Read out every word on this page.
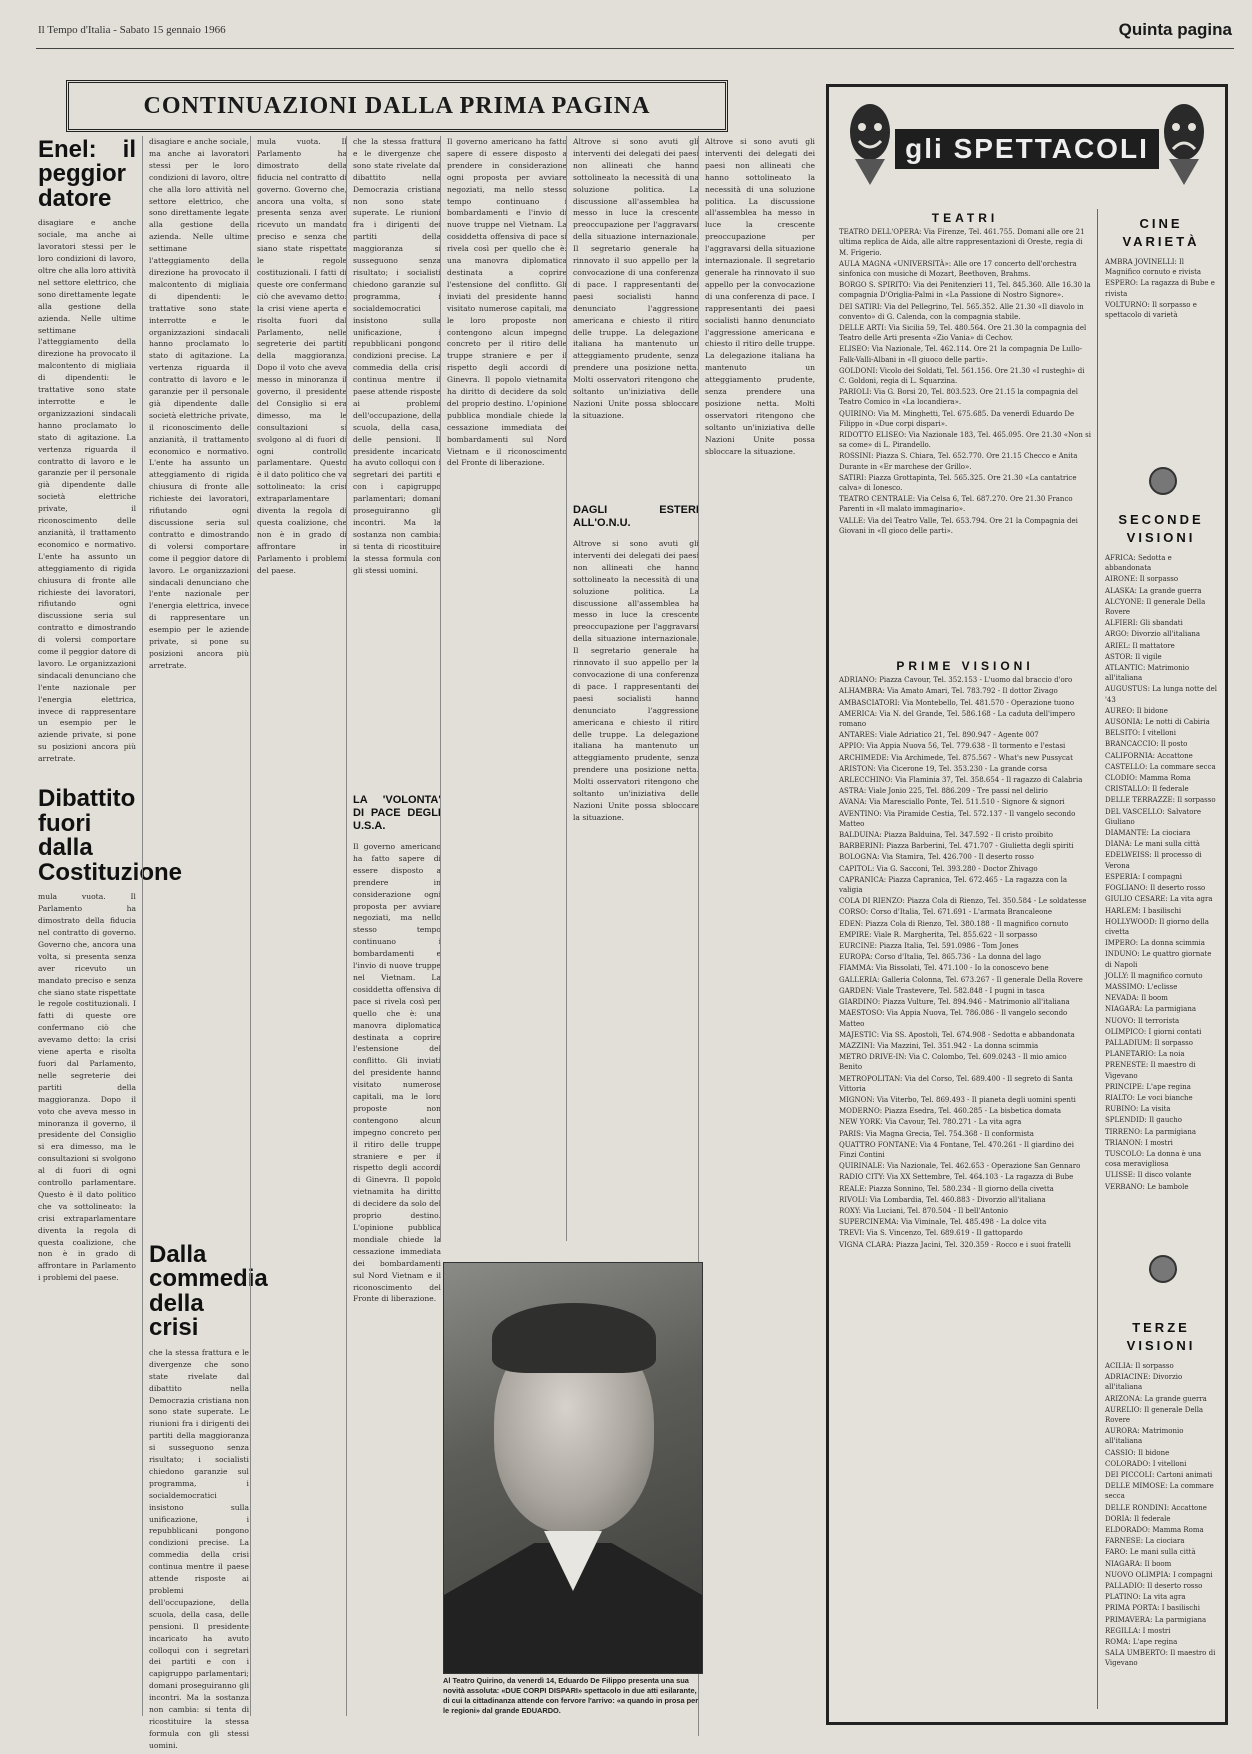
Il Tempo d'Italia - Sabato 15 gennaio 1966	Quinta pagina
CONTINUAZIONI DALLA PRIMA PAGINA
Enel: il peggior datore
disagiare e anche sociale, ma anche ai lavoratori stessi per le loro condizioni di lavoro, oltre che alla loro attività nel settore elettrico, che sono direttamente legate alla gestione della azienda. Nelle ultime settimane l'atteggiamento della direzione ha provocato il malcontento di migliaia di dipendenti: le trattative sono state interrotte e le organizzazioni sindacali hanno proclamato lo stato di agitazione. La vertenza riguarda il contratto di lavoro e le garanzie per il personale già dipendente dalle società elettriche private, il riconoscimento delle anzianità, il trattamento economico e normativo. L'ente ha assunto un atteggiamento di rigida chiusura di fronte alle richieste dei lavoratori, rifiutando ogni discussione seria sul contratto e dimostrando di volersi comportare come il peggior datore di lavoro. Le organizzazioni sindacali denunciano che l'ente nazionale per l'energia elettrica, invece di rappresentare un esempio per le aziende private, si pone su posizioni ancora più arretrate.
Dibattito fuori dalla Costituzione
mula vuota. Il Parlamento ha dimostrato della fiducia nel contratto di governo. Governo che, ancora una volta, si presenta senza aver ricevuto un mandato preciso e senza che siano state rispettate le regole costituzionali. I fatti di queste ore confermano ciò che avevamo detto: la crisi viene aperta e risolta fuori dal Parlamento, nelle segreterie dei partiti della maggioranza. Dopo il voto che aveva messo in minoranza il governo, il presidente del Consiglio si era dimesso, ma le consultazioni si svolgono al di fuori di ogni controllo parlamentare. Questo è il dato politico che va sottolineato: la crisi extraparlamentare diventa la regola di questa coalizione, che non è in grado di affrontare in Parlamento i problemi del paese.
disagiare e anche sociale, ma anche ai lavoratori stessi per le loro condizioni di lavoro, oltre che alla loro attività nel settore elettrico, che sono direttamente legate alla gestione della azienda. Nelle ultime settimane l'atteggiamento della direzione ha provocato il malcontento di migliaia di dipendenti: le trattative sono state interrotte e le organizzazioni sindacali hanno proclamato lo stato di agitazione. La vertenza riguarda il contratto di lavoro e le garanzie per il personale già dipendente dalle società elettriche private, il riconoscimento delle anzianità, il trattamento economico e normativo. L'ente ha assunto un atteggiamento di rigida chiusura di fronte alle richieste dei lavoratori, rifiutando ogni discussione seria sul contratto e dimostrando di volersi comportare come il peggior datore di lavoro. Le organizzazioni sindacali denunciano che l'ente nazionale per l'energia elettrica, invece di rappresentare un esempio per le aziende private, si pone su posizioni ancora più arretrate.
Dalla commedia della crisi
che la stessa frattura e le divergenze che sono state rivelate dal dibattito nella Democrazia cristiana non sono state superate. Le riunioni fra i dirigenti dei partiti della maggioranza si susseguono senza risultato; i socialisti chiedono garanzie sul programma, i socialdemocratici insistono sulla unificazione, i repubblicani pongono condizioni precise. La commedia della crisi continua mentre il paese attende risposte ai problemi dell'occupazione, della scuola, della casa, delle pensioni. Il presidente incaricato ha avuto colloqui con i segretari dei partiti e con i capigruppo parlamentari; domani proseguiranno gli incontri. Ma la sostanza non cambia: si tenta di ricostituire la stessa formula con gli stessi uomini.
mula vuota. Il Parlamento ha dimostrato della fiducia nel contratto di governo. Governo che, ancora una volta, si presenta senza aver ricevuto un mandato preciso e senza che siano state rispettate le regole costituzionali. I fatti di queste ore confermano ciò che avevamo detto: la crisi viene aperta e risolta fuori dal Parlamento, nelle segreterie dei partiti della maggioranza. Dopo il voto che aveva messo in minoranza il governo, il presidente del Consiglio si era dimesso, ma le consultazioni si svolgono al di fuori di ogni controllo parlamentare. Questo è il dato politico che va sottolineato: la crisi extraparlamentare diventa la regola di questa coalizione, che non è in grado di affrontare in Parlamento i problemi del paese.
che la stessa frattura e le divergenze che sono state rivelate dal dibattito nella Democrazia cristiana non sono state superate. Le riunioni fra i dirigenti dei partiti della maggioranza si susseguono senza risultato; i socialisti chiedono garanzie sul programma, i socialdemocratici insistono sulla unificazione, i repubblicani pongono condizioni precise. La commedia della crisi continua mentre il paese attende risposte ai problemi dell'occupazione, della scuola, della casa, delle pensioni. Il presidente incaricato ha avuto colloqui con i segretari dei partiti e con i capigruppo parlamentari; domani proseguiranno gli incontri. Ma la sostanza non cambia: si tenta di ricostituire la stessa formula con gli stessi uomini.
LA 'VOLONTA' DI PACE DEGLI U.S.A.
Il governo americano ha fatto sapere di essere disposto a prendere in considerazione ogni proposta per avviare negoziati, ma nello stesso tempo continuano i bombardamenti e l'invio di nuove truppe nel Vietnam. La cosiddetta offensiva di pace si rivela così per quello che è: una manovra diplomatica destinata a coprire l'estensione del conflitto. Gli inviati del presidente hanno visitato numerose capitali, ma le loro proposte non contengono alcun impegno concreto per il ritiro delle truppe straniere e per il rispetto degli accordi di Ginevra. Il popolo vietnamita ha diritto di decidere da solo del proprio destino. L'opinione pubblica mondiale chiede la cessazione immediata dei bombardamenti sul Nord Vietnam e il riconoscimento del Fronte di liberazione.
Il governo americano ha fatto sapere di essere disposto a prendere in considerazione ogni proposta per avviare negoziati, ma nello stesso tempo continuano i bombardamenti e l'invio di nuove truppe nel Vietnam. La cosiddetta offensiva di pace si rivela così per quello che è: una manovra diplomatica destinata a coprire l'estensione del conflitto. Gli inviati del presidente hanno visitato numerose capitali, ma le loro proposte non contengono alcun impegno concreto per il ritiro delle truppe straniere e per il rispetto degli accordi di Ginevra. Il popolo vietnamita ha diritto di decidere da solo del proprio destino. L'opinione pubblica mondiale chiede la cessazione immediata dei bombardamenti sul Nord Vietnam e il riconoscimento del Fronte di liberazione.
Altrove si sono avuti gli interventi dei delegati dei paesi non allineati che hanno sottolineato la necessità di una soluzione politica. La discussione all'assemblea ha messo in luce la crescente preoccupazione per l'aggravarsi della situazione internazionale. Il segretario generale ha rinnovato il suo appello per la convocazione di una conferenza di pace. I rappresentanti dei paesi socialisti hanno denunciato l'aggressione americana e chiesto il ritiro delle truppe. La delegazione italiana ha mantenuto un atteggiamento prudente, senza prendere una posizione netta. Molti osservatori ritengono che soltanto un'iniziativa delle Nazioni Unite possa sbloccare la situazione.
DAGLI ESTERI ALL'O.N.U.
Altrove si sono avuti gli interventi dei delegati dei paesi non allineati che hanno sottolineato la necessità di una soluzione politica. La discussione all'assemblea ha messo in luce la crescente preoccupazione per l'aggravarsi della situazione internazionale. Il segretario generale ha rinnovato il suo appello per la convocazione di una conferenza di pace. I rappresentanti dei paesi socialisti hanno denunciato l'aggressione americana e chiesto il ritiro delle truppe. La delegazione italiana ha mantenuto un atteggiamento prudente, senza prendere una posizione netta. Molti osservatori ritengono che soltanto un'iniziativa delle Nazioni Unite possa sbloccare la situazione.
Altrove si sono avuti gli interventi dei delegati dei paesi non allineati che hanno sottolineato la necessità di una soluzione politica. La discussione all'assemblea ha messo in luce la crescente preoccupazione per l'aggravarsi della situazione internazionale. Il segretario generale ha rinnovato il suo appello per la convocazione di una conferenza di pace. I rappresentanti dei paesi socialisti hanno denunciato l'aggressione americana e chiesto il ritiro delle truppe. La delegazione italiana ha mantenuto un atteggiamento prudente, senza prendere una posizione netta. Molti osservatori ritengono che soltanto un'iniziativa delle Nazioni Unite possa sbloccare la situazione.
Al Teatro Quirino, da venerdì 14, Eduardo De Filippo presenta una sua novità assoluta: «DUE CORPI DISPARI» spettacolo in due atti esilarante, di cui la cittadinanza attende con fervore l'arrivo: «a quando in prosa per le regioni» dal grande EDUARDO.
gli SPETTACOLI
TEATRI
TEATRO DELL'OPERA: Via Firenze, Tel. 461.755. Domani alle ore 21 ultima replica de Aida, alle altre rappresentazioni di Oreste, regia di M. Frigerio.
AULA MAGNA «UNIVERSITÀ»: Alle ore 17 concerto dell'orchestra sinfonica con musiche di Mozart, Beethoven, Brahms.
BORGO S. SPIRITO: Via dei Penitenzieri 11, Tel. 845.360. Alle 16.30 la compagnia D'Origlia-Palmi in «La Passione di Nostro Signore».
DEI SATIRI: Via del Pellegrino, Tel. 565.352. Alle 21.30 «Il diavolo in convento» di G. Calenda, con la compagnia stabile.
DELLE ARTI: Via Sicilia 59, Tel. 480.564. Ore 21.30 la compagnia del Teatro delle Arti presenta «Zio Vania» di Cechov.
ELISEO: Via Nazionale, Tel. 462.114. Ore 21 la compagnia De Lullo-Falk-Valli-Albani in «Il giuoco delle parti».
GOLDONI: Vicolo dei Soldati, Tel. 561.156. Ore 21.30 «I rusteghi» di C. Goldoni, regia di L. Squarzina.
PARIOLI: Via G. Borsi 20, Tel. 803.523. Ore 21.15 la compagnia del Teatro Comico in «La locandiera».
QUIRINO: Via M. Minghetti, Tel. 675.685. Da venerdì Eduardo De Filippo in «Due corpi dispari».
RIDOTTO ELISEO: Via Nazionale 183, Tel. 465.095. Ore 21.30 «Non si sa come» di L. Pirandello.
ROSSINI: Piazza S. Chiara, Tel. 652.770. Ore 21.15 Checco e Anita Durante in «Er marchese der Grillo».
SATIRI: Piazza Grottapinta, Tel. 565.325. Ore 21.30 «La cantatrice calva» di Ionesco.
TEATRO CENTRALE: Via Celsa 6, Tel. 687.270. Ore 21.30 Franco Parenti in «Il malato immaginario».
VALLE: Via del Teatro Valle, Tel. 653.794. Ore 21 la Compagnia dei Giovani in «Il gioco delle parti».
PRIME VISIONI
ADRIANO: Piazza Cavour, Tel. 352.153 - L'uomo dal braccio d'oro
ALHAMBRA: Via Amato Amari, Tel. 783.792 - Il dottor Zivago
AMBASCIATORI: Via Montebello, Tel. 481.570 - Operazione tuono
AMERICA: Via N. del Grande, Tel. 586.168 - La caduta dell'impero romano
ANTARES: Viale Adriatico 21, Tel. 890.947 - Agente 007
APPIO: Via Appia Nuova 56, Tel. 779.638 - Il tormento e l'estasi
ARCHIMEDE: Via Archimede, Tel. 875.567 - What's new Pussycat
ARISTON: Via Cicerone 19, Tel. 353.230 - La grande corsa
ARLECCHINO: Via Flaminia 37, Tel. 358.654 - Il ragazzo di Calabria
ASTRA: Viale Jonio 225, Tel. 886.209 - Tre passi nel delirio
AVANA: Via Maresciallo Ponte, Tel. 511.510 - Signore & signori
AVENTINO: Via Piramide Cestia, Tel. 572.137 - Il vangelo secondo Matteo
BALDUINA: Piazza Balduina, Tel. 347.592 - Il cristo proibito
BARBERINI: Piazza Barberini, Tel. 471.707 - Giulietta degli spiriti
BOLOGNA: Via Stamira, Tel. 426.700 - Il deserto rosso
CAPITOL: Via G. Sacconi, Tel. 393.280 - Doctor Zhivago
CAPRANICA: Piazza Capranica, Tel. 672.465 - La ragazza con la valigia
COLA DI RIENZO: Piazza Cola di Rienzo, Tel. 350.584 - Le soldatesse
CORSO: Corso d'Italia, Tel. 671.691 - L'armata Brancaleone
EDEN: Piazza Cola di Rienzo, Tel. 380.188 - Il magnifico cornuto
EMPIRE: Viale R. Margherita, Tel. 855.622 - Il sorpasso
EURCINE: Piazza Italia, Tel. 591.0986 - Tom Jones
EUROPA: Corso d'Italia, Tel. 865.736 - La donna del lago
FIAMMA: Via Bissolati, Tel. 471.100 - Io la conoscevo bene
GALLERIA: Galleria Colonna, Tel. 673.267 - Il generale Della Rovere
GARDEN: Viale Trastevere, Tel. 582.848 - I pugni in tasca
GIARDINO: Piazza Vulture, Tel. 894.946 - Matrimonio all'italiana
MAESTOSO: Via Appia Nuova, Tel. 786.086 - Il vangelo secondo Matteo
MAJESTIC: Via SS. Apostoli, Tel. 674.908 - Sedotta e abbandonata
MAZZINI: Via Mazzini, Tel. 351.942 - La donna scimmia
METRO DRIVE-IN: Via C. Colombo, Tel. 609.0243 - Il mio amico Benito
METROPOLITAN: Via del Corso, Tel. 689.400 - Il segreto di Santa Vittoria
MIGNON: Via Viterbo, Tel. 869.493 - Il pianeta degli uomini spenti
MODERNO: Piazza Esedra, Tel. 460.285 - La bisbetica domata
NEW YORK: Via Cavour, Tel. 780.271 - La vita agra
PARIS: Via Magna Grecia, Tel. 754.368 - Il conformista
QUATTRO FONTANE: Via 4 Fontane, Tel. 470.261 - Il giardino dei Finzi Contini
QUIRINALE: Via Nazionale, Tel. 462.653 - Operazione San Gennaro
RADIO CITY: Via XX Settembre, Tel. 464.103 - La ragazza di Bube
REALE: Piazza Sonnino, Tel. 580.234 - Il giorno della civetta
RIVOLI: Via Lombardia, Tel. 460.883 - Divorzio all'italiana
ROXY: Via Luciani, Tel. 870.504 - Il bell'Antonio
SUPERCINEMA: Via Viminale, Tel. 485.498 - La dolce vita
TREVI: Via S. Vincenzo, Tel. 689.619 - Il gattopardo
VIGNA CLARA: Piazza Jacini, Tel. 320.359 - Rocco e i suoi fratelli
CINE VARIETÀ
AMBRA JOVINELLI: Il Magnifico cornuto e rivista
ESPERO: La ragazza di Bube e rivista
VOLTURNO: Il sorpasso e spettacolo di varietà
SECONDE VISIONI
AFRICA: Sedotta e abbandonata
AIRONE: Il sorpasso
ALASKA: La grande guerra
ALCYONE: Il generale Della Rovere
ALFIERI: Gli sbandati
ARGO: Divorzio all'italiana
ARIEL: Il mattatore
ASTOR: Il vigile
ATLANTIC: Matrimonio all'italiana
AUGUSTUS: La lunga notte del '43
AUREO: Il bidone
AUSONIA: Le notti di Cabiria
BELSITO: I vitelloni
BRANCACCIO: Il posto
CALIFORNIA: Accattone
CASTELLO: La commare secca
CLODIO: Mamma Roma
CRISTALLO: Il federale
DELLE TERRAZZE: Il sorpasso
DEL VASCELLO: Salvatore Giuliano
DIAMANTE: La ciociara
DIANA: Le mani sulla città
EDELWEISS: Il processo di Verona
ESPERIA: I compagni
FOGLIANO: Il deserto rosso
GIULIO CESARE: La vita agra
HARLEM: I basilischi
HOLLYWOOD: Il giorno della civetta
IMPERO: La donna scimmia
INDUNO: Le quattro giornate di Napoli
JOLLY: Il magnifico cornuto
MASSIMO: L'eclisse
NEVADA: Il boom
NIAGARA: La parmigiana
NUOVO: Il terrorista
OLIMPICO: I giorni contati
PALLADIUM: Il sorpasso
PLANETARIO: La noia
PRENESTE: Il maestro di Vigevano
PRINCIPE: L'ape regina
RIALTO: Le voci bianche
RUBINO: La visita
SPLENDID: Il gaucho
TIRRENO: La parmigiana
TRIANON: I mostri
TUSCOLO: La donna è una cosa meravigliosa
ULISSE: Il disco volante
VERBANO: Le bambole
TERZE VISIONI
ACILIA: Il sorpasso
ADRIACINE: Divorzio all'italiana
ARIZONA: La grande guerra
AURELIO: Il generale Della Rovere
AURORA: Matrimonio all'italiana
CASSIO: Il bidone
COLORADO: I vitelloni
DEI PICCOLI: Cartoni animati
DELLE MIMOSE: La commare secca
DELLE RONDINI: Accattone
DORIA: Il federale
ELDORADO: Mamma Roma
FARNESE: La ciociara
FARO: Le mani sulla città
NIAGARA: Il boom
NUOVO OLIMPIA: I compagni
PALLADIO: Il deserto rosso
PLATINO: La vita agra
PRIMA PORTA: I basilischi
PRIMAVERA: La parmigiana
REGILLA: I mostri
ROMA: L'ape regina
SALA UMBERTO: Il maestro di Vigevano
